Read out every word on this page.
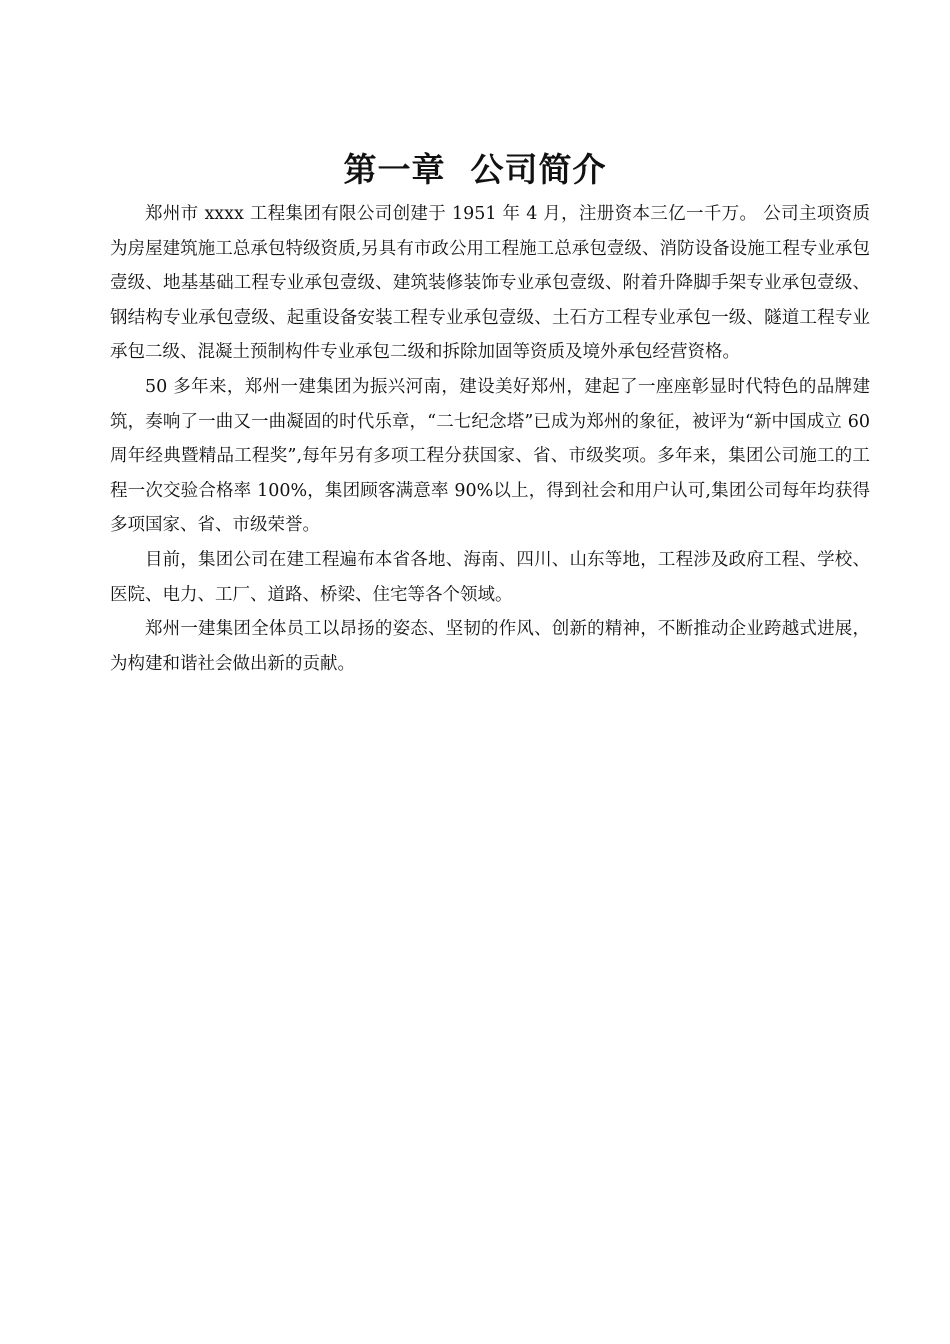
第一章  公司简介

郑州市 xxxx 工程集团有限公司创建于 1951 年 4 月，注册资本三亿一千万。 公司主项资质为房屋建筑施工总承包特级资质,另具有市政公用工程施工总承包壹级、消防设备设施工程专业承包壹级、地基基础工程专业承包壹级、建筑装修装饰专业承包壹级、附着升降脚手架专业承包壹级、钢结构专业承包壹级、起重设备安装工程专业承包壹级、土石方工程专业承包一级、隧道工程专业承包二级、混凝土预制构件专业承包二级和拆除加固等资质及境外承包经营资格。

50 多年来，郑州一建集团为振兴河南，建设美好郑州，建起了一座座彰显时代特色的品牌建筑，奏响了一曲又一曲凝固的时代乐章，“二七纪念塔”已成为郑州的象征，被评为“新中国成立 60 周年经典暨精品工程奖”,每年另有多项工程分获国家、省、市级奖项。多年来，集团公司施工的工程一次交验合格率 100%，集团顾客满意率 90%以上，得到社会和用户认可,集团公司每年均获得多项国家、省、市级荣誉。

目前，集团公司在建工程遍布本省各地、海南、四川、山东等地，工程涉及政府工程、学校、医院、电力、工厂、道路、桥梁、住宅等各个领域。

郑州一建集团全体员工以昂扬的姿态、坚韧的作风、创新的精神，不断推动企业跨越式进展，为构建和谐社会做出新的贡献。
